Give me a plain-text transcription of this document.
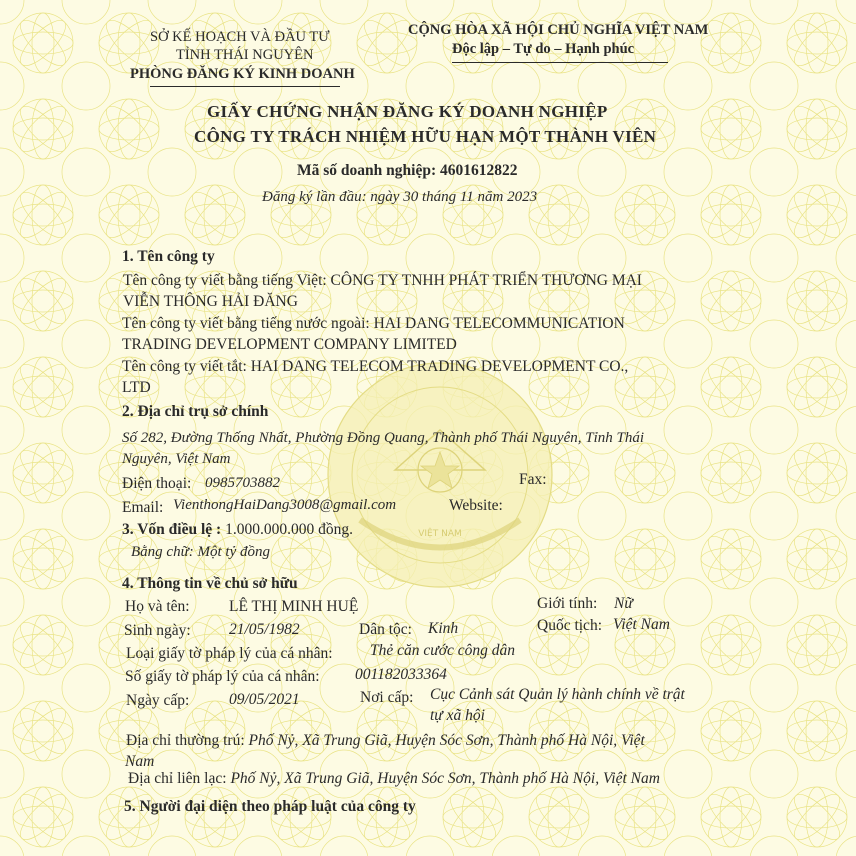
VIỆT NAM
SỞ KẾ HOẠCH VÀ ĐẦU TƯ
TỈNH THÁI NGUYÊN
PHÒNG ĐĂNG KÝ KINH DOANH
CỘNG HÒA XÃ HỘI CHỦ NGHĨA VIỆT NAM
Độc lập – Tự do – Hạnh phúc
GIẤY CHỨNG NHẬN ĐĂNG KÝ DOANH NGHIỆP
CÔNG TY TRÁCH NHIỆM HỮU HẠN MỘT THÀNH VIÊN
Mã số doanh nghiệp: 4601612822
Đăng ký lần đầu: ngày 30 tháng 11 năm 2023
1. Tên công ty
Tên công ty viết bằng tiếng Việt: CÔNG TY TNHH PHÁT TRIỂN THƯƠNG MẠI
VIỄN THÔNG HẢI ĐĂNG
Tên công ty viết bằng tiếng nước ngoài: HAI DANG TELECOMMUNICATION
TRADING DEVELOPMENT COMPANY LIMITED
Tên công ty viết tắt: HAI DANG TELECOM TRADING DEVELOPMENT CO.,
LTD
2. Địa chỉ trụ sở chính
Số 282, Đường Thống Nhất, Phường Đồng Quang, Thành phố Thái Nguyên, Tỉnh Thái
Nguyên, Việt Nam
Điện thoại: 0985703882	Fax:
Email: VienthongHaiDang3008@gmail.com	Website:
3. Vốn điều lệ : 1.000.000.000 đồng.
Bằng chữ: Một tỷ đồng
4. Thông tin về chủ sở hữu
Họ và tên:	LÊ THỊ MINH HUỆ	Giới tính: Nữ
Sinh ngày: 21/05/1982	Dân tộc: Kinh	Quốc tịch: Việt Nam
Loại giấy tờ pháp lý của cá nhân: Thẻ căn cước công dân
Số giấy tờ pháp lý của cá nhân: 001182033364
Ngày cấp:	09/05/2021	Nơi cấp: Cục Cảnh sát Quản lý hành chính về trật
tự xã hội
Địa chỉ thường trú: Phố Nỷ, Xã Trung Giã, Huyện Sóc Sơn, Thành phố Hà Nội, Việt
Nam
Địa chỉ liên lạc: Phố Nỷ, Xã Trung Giã, Huyện Sóc Sơn, Thành phố Hà Nội, Việt Nam
5. Người đại diện theo pháp luật của công ty
